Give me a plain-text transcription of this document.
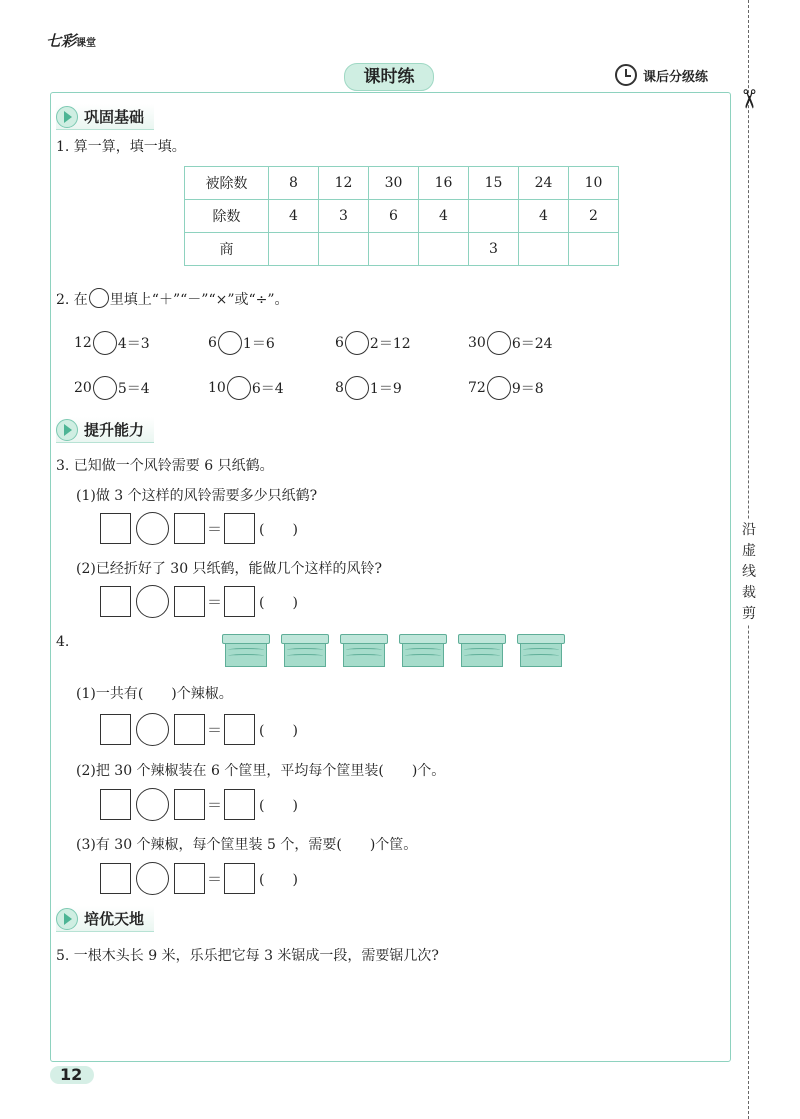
七彩课堂
课时练	课后分级练
✂
沿虚线裁剪
巩固基础
1. 算一算，填一填。
被除数	8	12	30	16	15	24	10
除数	4	3	6	4		4	2
商					3		
2. 在 里填上“＋”“－”“×”或“÷”。
12 4＝3	6 1＝6	6 2＝12	30 6＝24
20 5＝4	10 6＝4	8 1＝9	72 9＝8
提升能力
3. 已知做一个风铃需要 6 只纸鹤。
(1)做 3 个这样的风铃需要多少只纸鹤?
＝	(　　)
(2)已经折好了 30 只纸鹤，能做几个这样的风铃?
＝	(　　)
4.
(1)一共有(　　)个辣椒。
＝	(　　)
(2)把 30 个辣椒装在 6 个筐里，平均每个筐里装(　　)个。
＝	(　　)
(3)有 30 个辣椒，每个筐里装 5 个，需要(　　)个筐。
＝	(　　)
培优天地
5. 一根木头长 9 米，乐乐把它每 3 米锯成一段，需要锯几次?
12
